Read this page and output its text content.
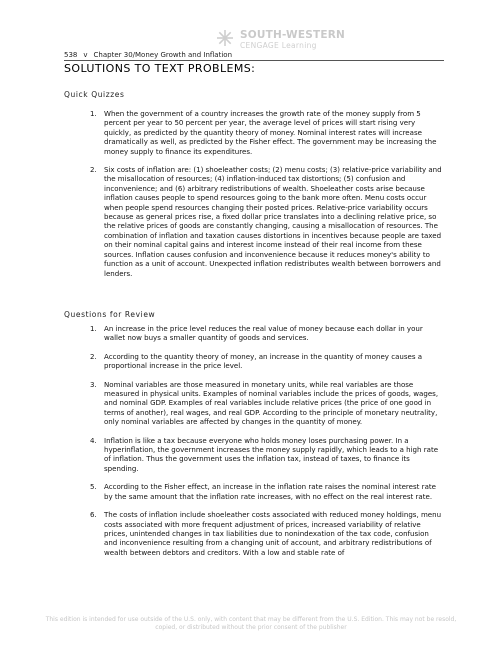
SOUTH-WESTERN
CENGAGE Learning
538 v Chapter 30/Money Growth and Inflation
SOLUTIONS TO TEXT PROBLEMS:
Quick Quizzes
1. When the government of a country increases the growth rate of the money supply from 5 percent per year to 50 percent per year, the average level of prices will start rising very quickly, as predicted by the quantity theory of money. Nominal interest rates will increase dramatically as well, as predicted by the Fisher effect. The government may be increasing the money supply to finance its expenditures.
2. Six costs of inflation are: (1) shoeleather costs; (2) menu costs; (3) relative-price variability and the misallocation of resources; (4) inflation-induced tax distortions; (5) confusion and inconvenience; and (6) arbitrary redistributions of wealth. Shoeleather costs arise because inflation causes people to spend resources going to the bank more often. Menu costs occur when people spend resources changing their posted prices. Relative-price variability occurs because as general prices rise, a fixed dollar price translates into a declining relative price, so the relative prices of goods are constantly changing, causing a misallocation of resources. The combination of inflation and taxation causes distortions in incentives because people are taxed on their nominal capital gains and interest income instead of their real income from these sources. Inflation causes confusion and inconvenience because it reduces money's ability to function as a unit of account. Unexpected inflation redistributes wealth between borrowers and lenders.
Questions for Review
1. An increase in the price level reduces the real value of money because each dollar in your wallet now buys a smaller quantity of goods and services.
2. According to the quantity theory of money, an increase in the quantity of money causes a proportional increase in the price level.
3. Nominal variables are those measured in monetary units, while real variables are those measured in physical units. Examples of nominal variables include the prices of goods, wages, and nominal GDP. Examples of real variables include relative prices (the price of one good in terms of another), real wages, and real GDP. According to the principle of monetary neutrality, only nominal variables are affected by changes in the quantity of money.
4. Inflation is like a tax because everyone who holds money loses purchasing power. In a hyperinflation, the government increases the money supply rapidly, which leads to a high rate of inflation. Thus the government uses the inflation tax, instead of taxes, to finance its spending.
5. According to the Fisher effect, an increase in the inflation rate raises the nominal interest rate by the same amount that the inflation rate increases, with no effect on the real interest rate.
6. The costs of inflation include shoeleather costs associated with reduced money holdings, menu costs associated with more frequent adjustment of prices, increased variability of relative prices, unintended changes in tax liabilities due to nonindexation of the tax code, confusion and inconvenience resulting from a changing unit of account, and arbitrary redistributions of wealth between debtors and creditors. With a low and stable rate of
This edition is intended for use outside of the U.S. only, with content that may be different from the U.S. Edition. This may not be resold, copied, or distributed without the prior consent of the publisher
